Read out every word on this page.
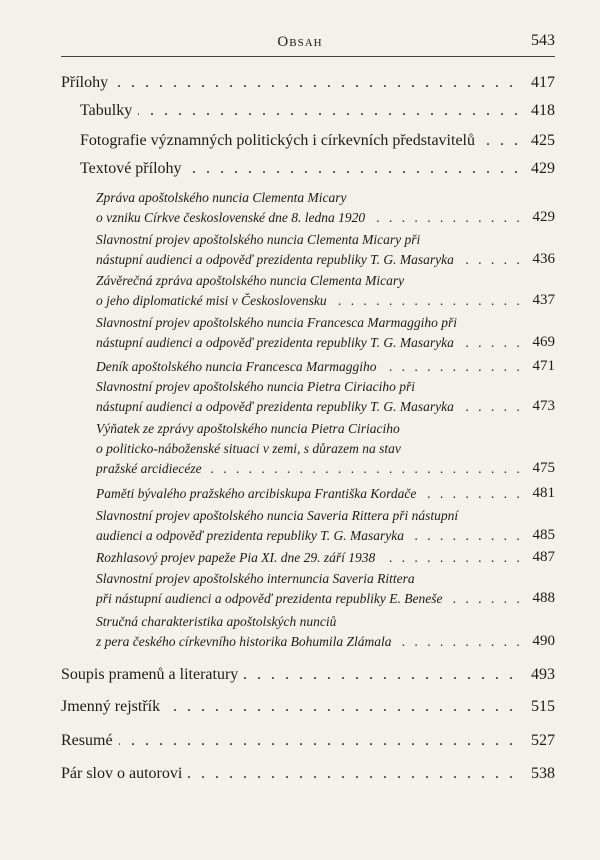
Obsah	543
Přílohy . . .	417
Tabulky . . .	418
Fotografie významných politických i církevních představitelů . . .	425
Textové přílohy . . .	429
Zpráva apoštolského nuncia Clementa Micary
o vzniku Církve československé dne 8. ledna 1920
. . .	429
Slavnostní projev apoštolského nuncia Clementa Micary při
nástupní audienci a odpověď prezidenta republiky T. G. Masaryka
. . .	436
Závěrečná zpráva apoštolského nuncia Clementa Micary
o jeho diplomatické misi v Československu
. . .	437
Slavnostní projev apoštolského nuncia Francesca Marmaggiho při
nástupní audienci a odpověď prezidenta republiky T. G. Masaryka
. . .	469
Deník apoštolského nuncia Francesca Marmaggiho . . .	471
Slavnostní projev apoštolského nuncia Pietra Ciriaciho při
nástupní audienci a odpověď prezidenta republiky T. G. Masaryka
. . .	473
Výňatek ze zprávy apoštolského nuncia Pietra Ciriaciho
o politicko-náboženské situaci v zemi, s důrazem na stav
pražské arcidiecéze
. . .	475
Paměti bývalého pražského arcibiskupa Františka Kordače . . .	481
Slavnostní projev apoštolského nuncia Saveria Rittera při nástupní
audienci a odpověď prezidenta republiky T. G. Masaryka
. . .	485
Rozhlasový projev papeže Pia XI. dne 29. září 1938 . . .	487
Slavnostní projev apoštolského internuncia Saveria Rittera
při nástupní audienci a odpověď prezidenta republiky E. Beneše
. . .	488
Stručná charakteristika apoštolských nunciů
z pera českého církevního historika Bohumila Zlámala
. . .	490
Soupis pramenů a literatury . . .	493
Jmenný rejstřík . . .	515
Resumé . . .	527
Pár slov o autorovi . . .	538
